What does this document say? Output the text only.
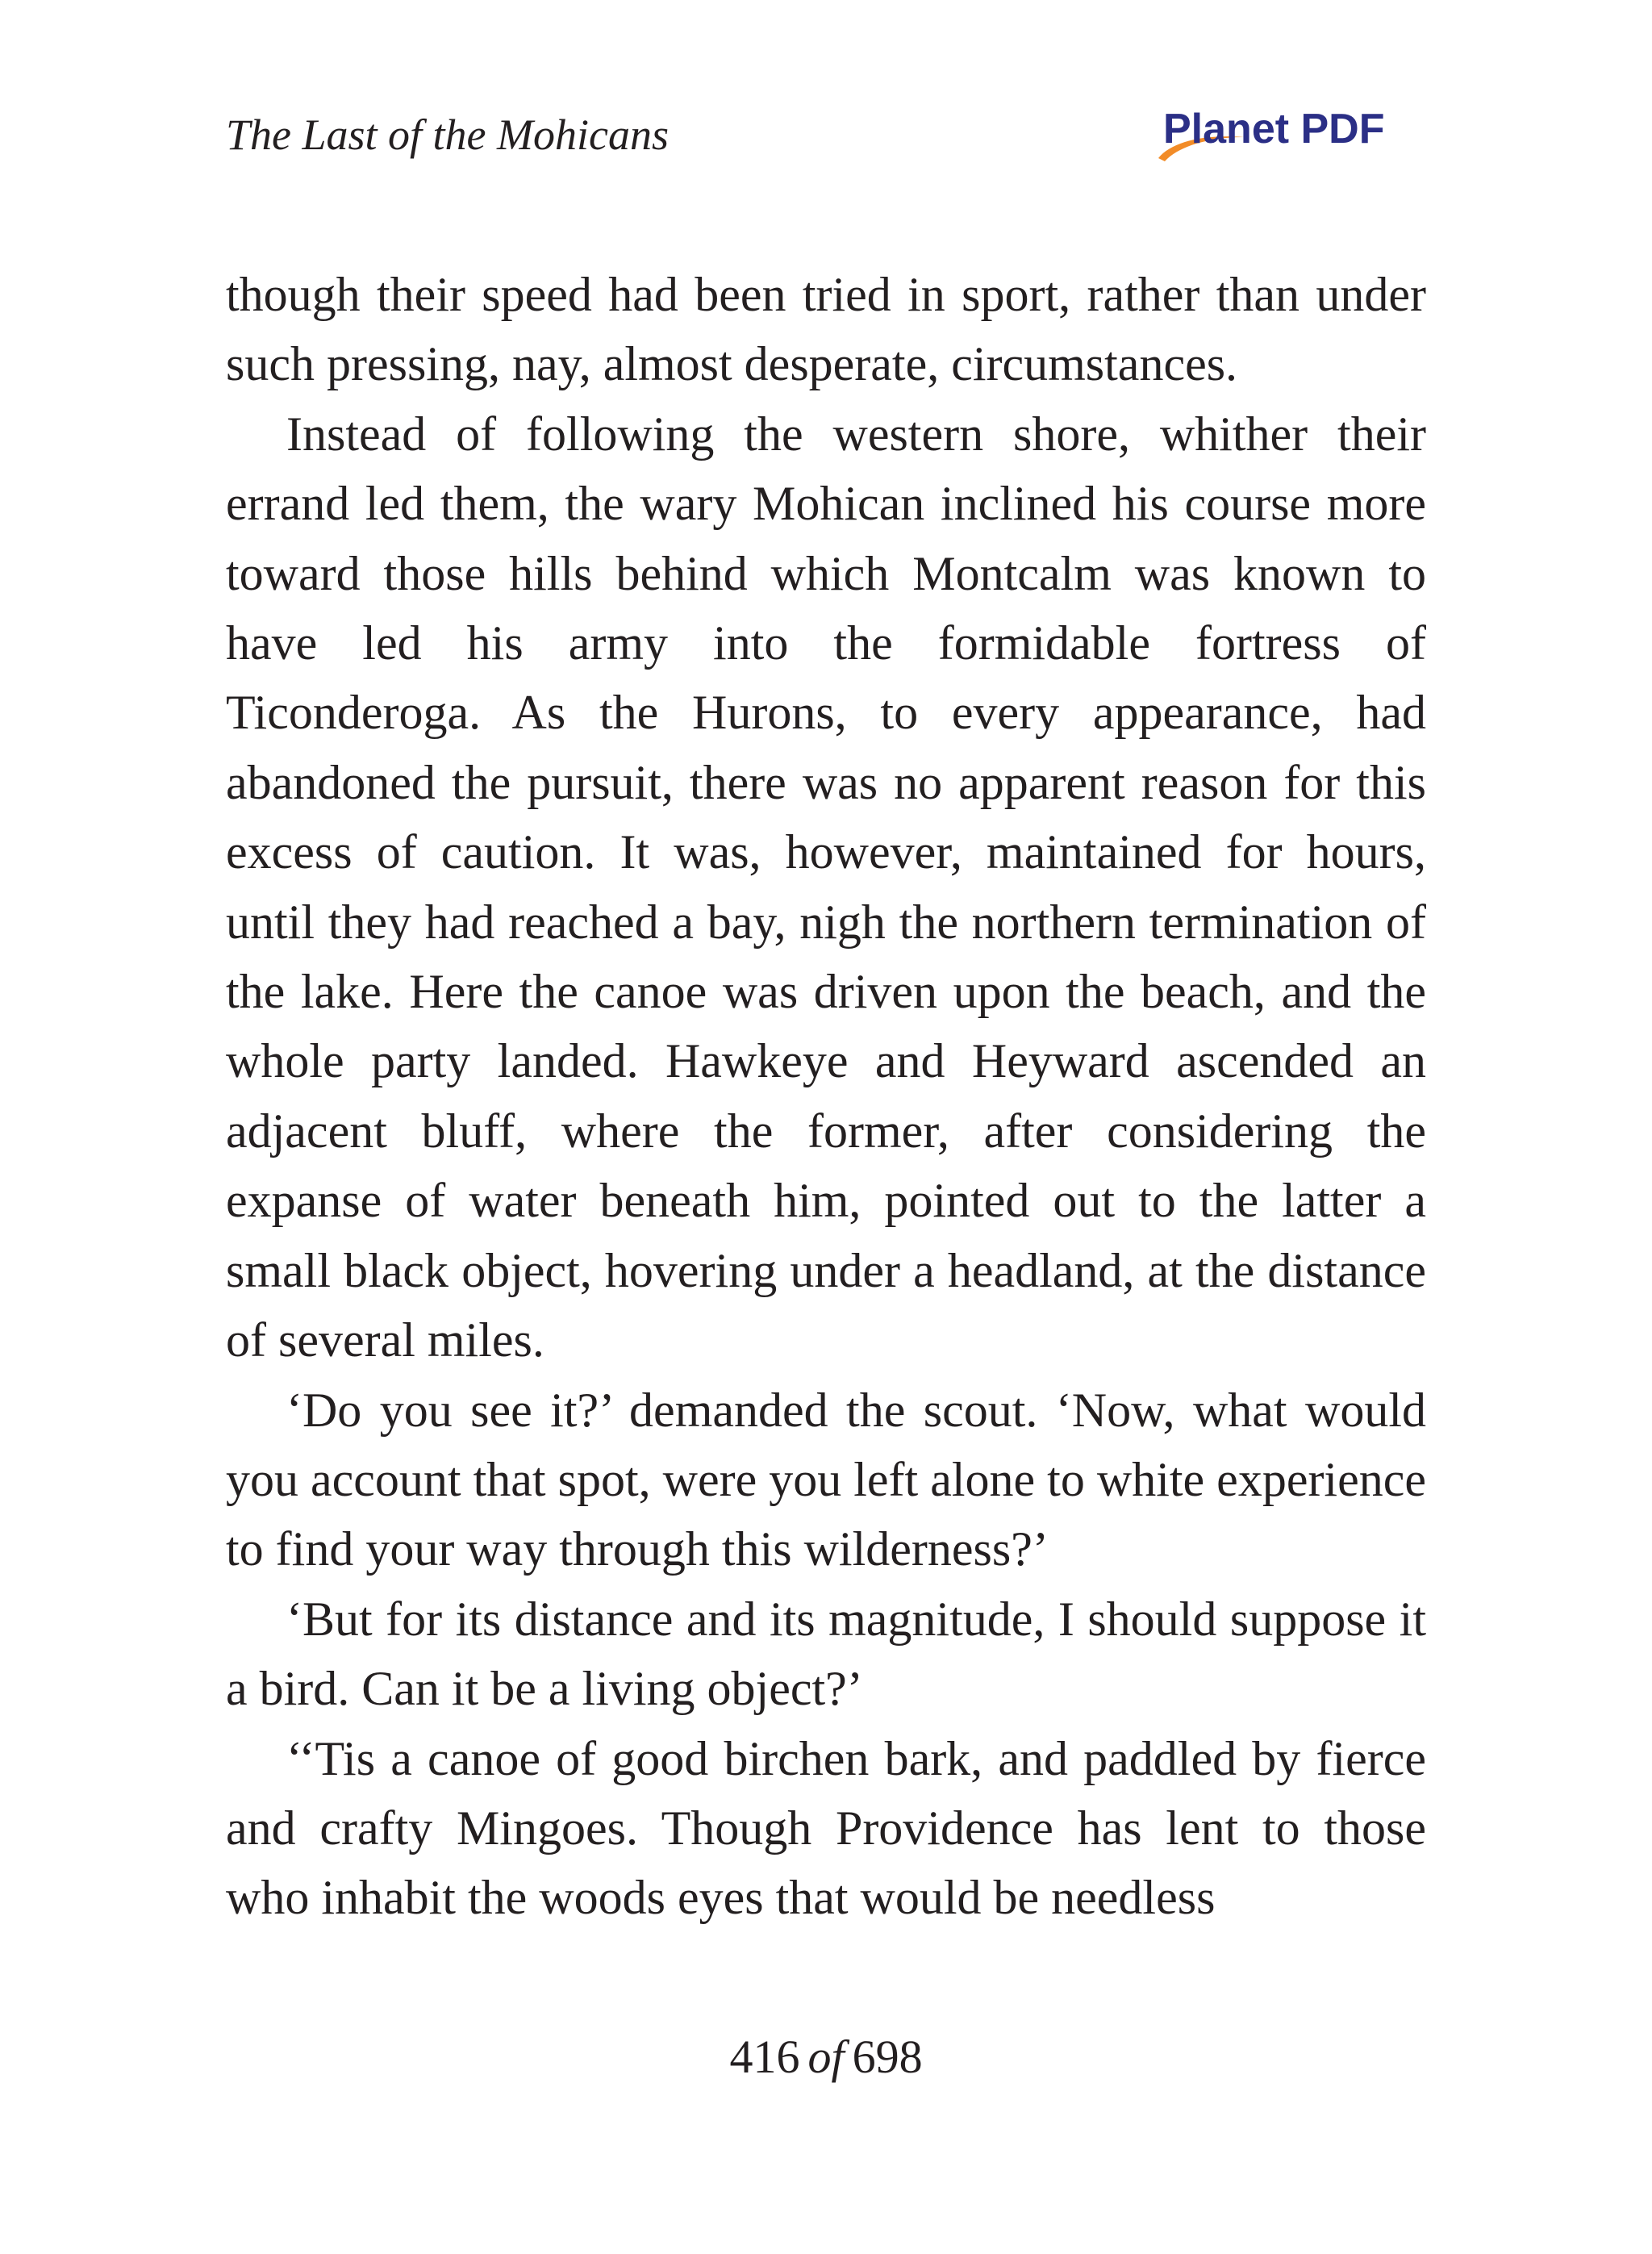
The Last of the Mohicans	Planet PDF

though their speed had been tried in sport, rather than under such pressing, nay, almost desperate, circumstances.

Instead of following the western shore, whither their errand led them, the wary Mohican inclined his course more toward those hills behind which Montcalm was known to have led his army into the formidable fortress of Ticonderoga. As the Hurons, to every appearance, had abandoned the pursuit, there was no apparent reason for this excess of caution. It was, however, maintained for hours, until they had reached a bay, nigh the northern termination of the lake. Here the canoe was driven upon the beach, and the whole party landed. Hawkeye and Heyward ascended an adjacent bluff, where the former, after considering the expanse of water beneath him, pointed out to the latter a small black object, hovering under a headland, at the distance of several miles.

‘Do you see it?’ demanded the scout. ‘Now, what would you account that spot, were you left alone to white experience to find your way through this wilderness?’

‘But for its distance and its magnitude, I should suppose it a bird. Can it be a living object?’

‘‘Tis a canoe of good birchen bark, and paddled by fierce and crafty Mingoes. Though Providence has lent to those who inhabit the woods eyes that would be needless

416 of 698
